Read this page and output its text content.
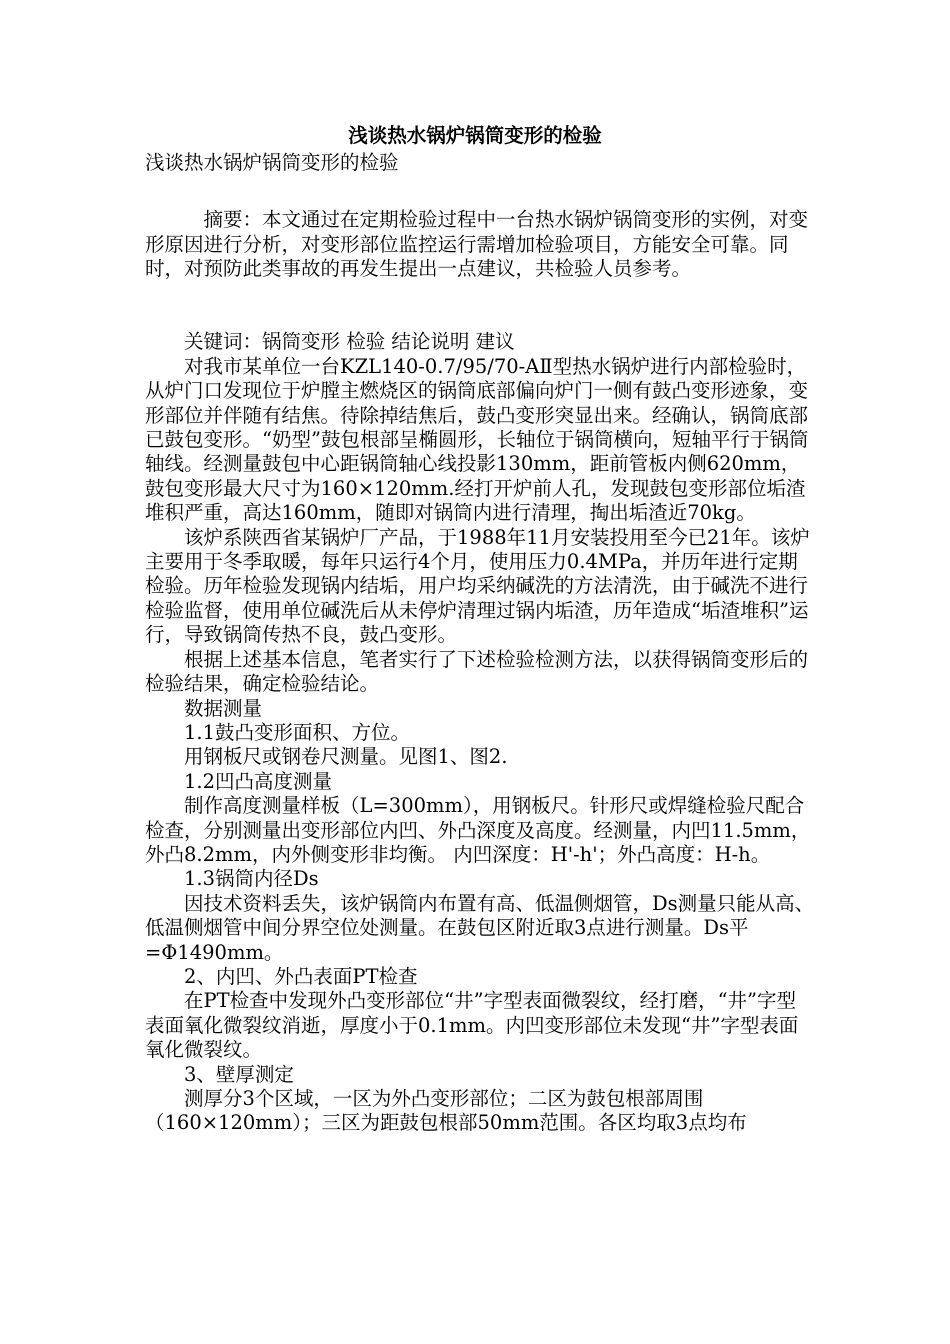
浅谈热水锅炉锅筒变形的检验

浅谈热水锅炉锅筒变形的检验

摘要：本文通过在定期检验过程中一台热水锅炉锅筒变形的实例，对变形原因进行分析，对变形部位监控运行需增加检验项目，方能安全可靠。同时，对预防此类事故的再发生提出一点建议，共检验人员参考。

关键词：锅筒变形 检验 结论说明 建议

对我市某单位一台KZL140-0.7/95/70-AⅡ型热水锅炉进行内部检验时，从炉门口发现位于炉膛主燃烧区的锅筒底部偏向炉门一侧有鼓凸变形迹象，变形部位并伴随有结焦。待除掉结焦后，鼓凸变形突显出来。经确认，锅筒底部已鼓包变形。“奶型”鼓包根部呈椭圆形，长轴位于锅筒横向，短轴平行于锅筒轴线。经测量鼓包中心距锅筒轴心线投影130mm，距前管板内侧620mm，鼓包变形最大尺寸为160×120mm.经打开炉前人孔，发现鼓包变形部位垢渣堆积严重，高达160mm，随即对锅筒内进行清理，掏出垢渣近70kg。

该炉系陕西省某锅炉厂产品，于1988年11月安装投用至今已21年。该炉主要用于冬季取暖，每年只运行4个月，使用压力0.4MPa，并历年进行定期检验。历年检验发现锅内结垢，用户均采纳碱洗的方法清洗，由于碱洗不进行检验监督，使用单位碱洗后从未停炉清理过锅内垢渣，历年造成“垢渣堆积”运行，导致锅筒传热不良，鼓凸变形。

根据上述基本信息，笔者实行了下述检验检测方法，以获得锅筒变形后的检验结果，确定检验结论。

数据测量

1.1鼓凸变形面积、方位。

用钢板尺或钢卷尺测量。见图1、图2.

1.2凹凸高度测量

制作高度测量样板（L=300mm），用钢板尺。针形尺或焊缝检验尺配合检查，分别测量出变形部位内凹、外凸深度及高度。经测量，内凹11.5mm，外凸8.2mm，内外侧变形非均衡。 内凹深度：H'-h'；外凸高度：H-h。

1.3锅筒内径Ds

因技术资料丢失，该炉锅筒内布置有高、低温侧烟管，Ds测量只能从高、低温侧烟管中间分界空位处测量。在鼓包区附近取3点进行测量。Ds平=Φ1490mm。

2、内凹、外凸表面PT检查

在PT检查中发现外凸变形部位“井”字型表面微裂纹，经打磨，“井”字型表面氧化微裂纹消逝，厚度小于0.1mm。内凹变形部位未发现“井”字型表面氧化微裂纹。

3、壁厚测定

测厚分3个区域，一区为外凸变形部位；二区为鼓包根部周围（160×120mm）；三区为距鼓包根部50mm范围。各区均取3点均布
